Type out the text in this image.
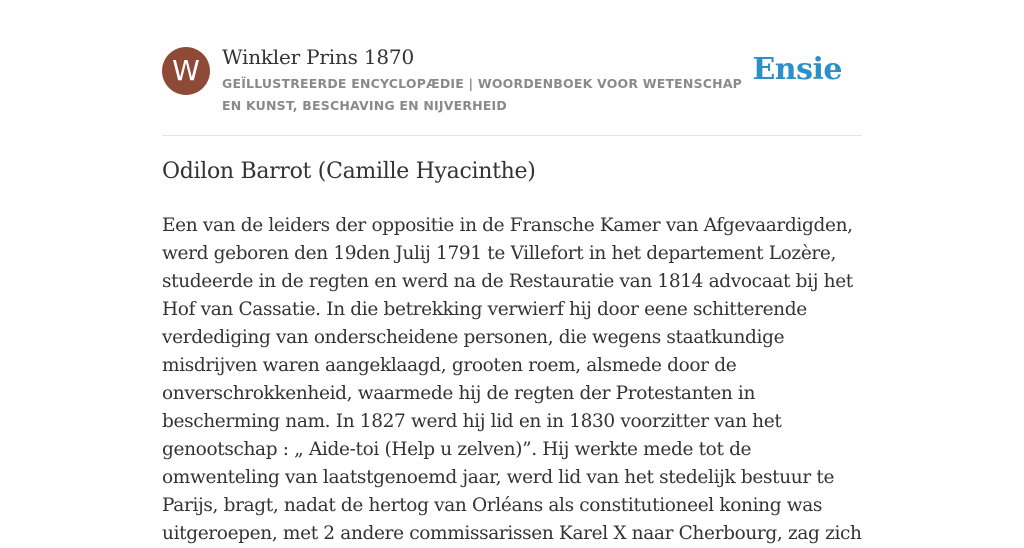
W	Winkler Prins 1870
GEÏLLUSTREERDE ENCYCLOPÆDIE | WOORDENBOEK VOOR WETENSCHAP EN KUNST, BESCHAVING EN NIJVERHEID
Ensie
Odilon Barrot (Camille Hyacinthe)

Een van de leiders der oppositie in de Fransche Kamer van Afgevaardigden, werd geboren den 19den Julij 1791 te Villefort in het departement Lozère, studeerde in de regten en werd na de Restauratie van 1814 advocaat bij het Hof van Cassatie. In die betrekking verwierf hij door eene schitterende verdediging van onderscheidene personen, die wegens staatkundige misdrijven waren aangeklaagd, grooten roem, alsmede door de onverschrokkenheid, waarmede hij de regten der Protestanten in bescherming nam. In 1827 werd hij lid en in 1830 voorzitter van het genootschap : „ Aide-toi (Help u zelven)”. Hij werkte mede tot de omwenteling van laatstgenoemd jaar, werd lid van het stedelijk bestuur te Parijs, bragt, nadat de hertog van Orléans als constitutioneel koning was uitgeroepen, met 2 andere commissarissen Karel X naar Cherbourg, zag zich
